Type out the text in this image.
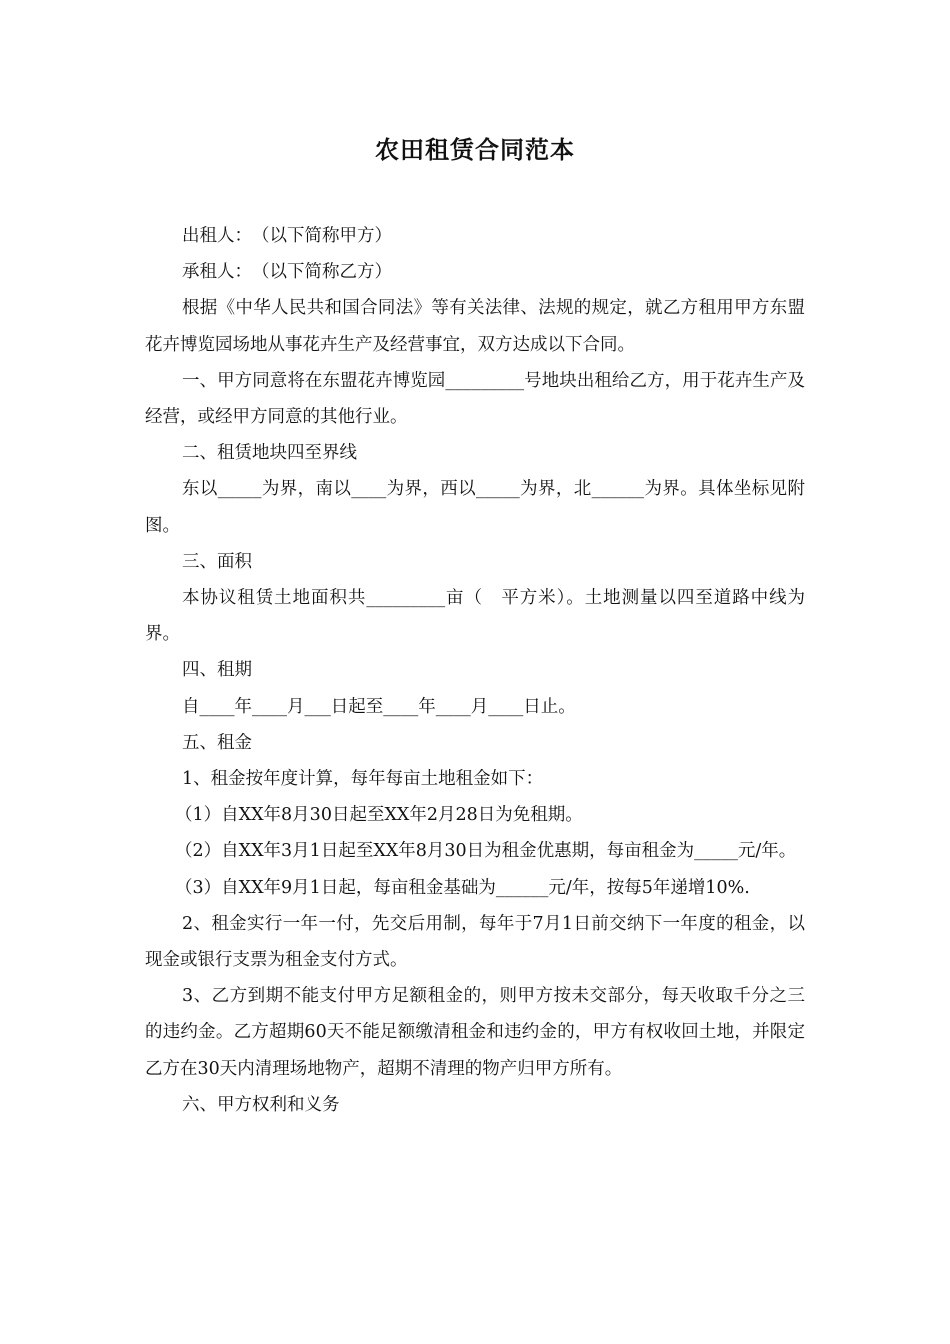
农田租赁合同范本

出租人：　（以下简称甲方）

承租人：　（以下简称乙方）

根据《中华人民共和国合同法》等有关法律、法规的规定，就乙方租用甲方东盟花卉博览园场地从事花卉生产及经营事宜，双方达成以下合同。

一、甲方同意将在东盟花卉博览园_________号地块出租给乙方，用于花卉生产及经营，或经甲方同意的其他行业。

二、租赁地块四至界线

东以_____为界，南以____为界，西以_____为界，北______为界。具体坐标见附图。

三、面积

本协议租赁土地面积共_________亩（　平方米）。土地测量以四至道路中线为界。

四、租期

自____年____月___日起至____年____月____日止。

五、租金

1、租金按年度计算，每年每亩土地租金如下：

（1）自XX年8月30日起至XX年2月28日为免租期。

（2）自XX年3月1日起至XX年8月30日为租金优惠期，每亩租金为_____元/年。

（3）自XX年9月1日起，每亩租金基础为______元/年，按每5年递增10%.

2、租金实行一年一付，先交后用制，每年于7月1日前交纳下一年度的租金，以现金或银行支票为租金支付方式。

3、乙方到期不能支付甲方足额租金的，则甲方按未交部分，每天收取千分之三的违约金。乙方超期60天不能足额缴清租金和违约金的，甲方有权收回土地，并限定乙方在30天内清理场地物产，超期不清理的物产归甲方所有。

六、甲方权利和义务
